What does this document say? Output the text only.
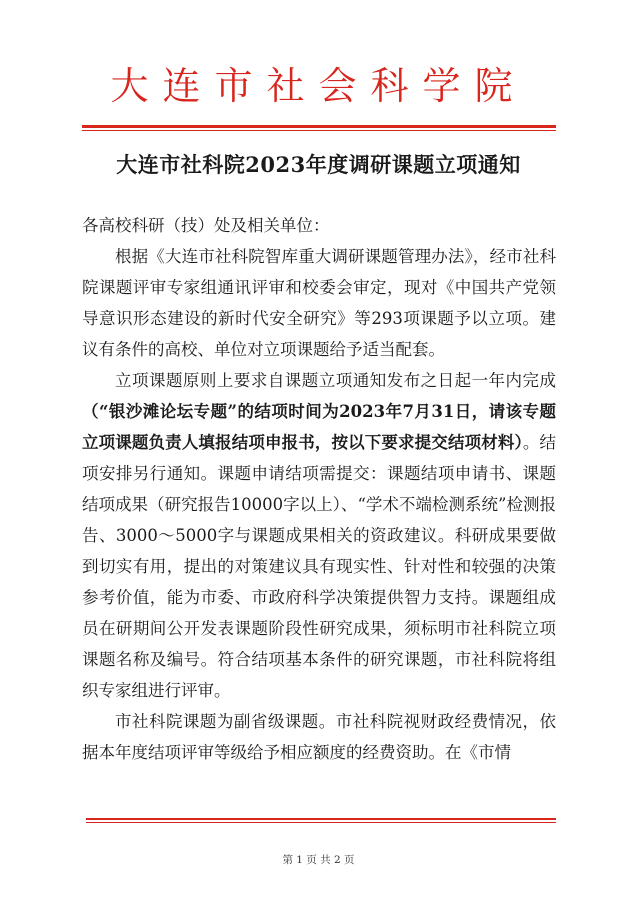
大连市社会科学院
大连市社科院2023年度调研课题立项通知

各高校科研（技）处及相关单位：

根据《大连市社科院智库重大调研课题管理办法》，经市社科院课题评审专家组通讯评审和校委会审定，现对《中国共产党领导意识形态建设的新时代安全研究》等293项课题予以立项。建议有条件的高校、单位对立项课题给予适当配套。

立项课题原则上要求自课题立项通知发布之日起一年内完成（“银沙滩论坛专题”的结项时间为2023年7月31日，请该专题立项课题负责人填报结项申报书，按以下要求提交结项材料）。结项安排另行通知。课题申请结项需提交：课题结项申请书、课题结项成果（研究报告10000字以上）、“学术不端检测系统”检测报告、3000～5000字与课题成果相关的资政建议。科研成果要做到切实有用，提出的对策建议具有现实性、针对性和较强的决策参考价值，能为市委、市政府科学决策提供智力支持。课题组成员在研期间公开发表课题阶段性研究成果，须标明市社科院立项课题名称及编号。符合结项基本条件的研究课题，市社科院将组织专家组进行评审。

市社科院课题为副省级课题。市社科院视财政经费情况，依据本年度结项评审等级给予相应额度的经费资助。在《市情

第 1 页 共 2 页
